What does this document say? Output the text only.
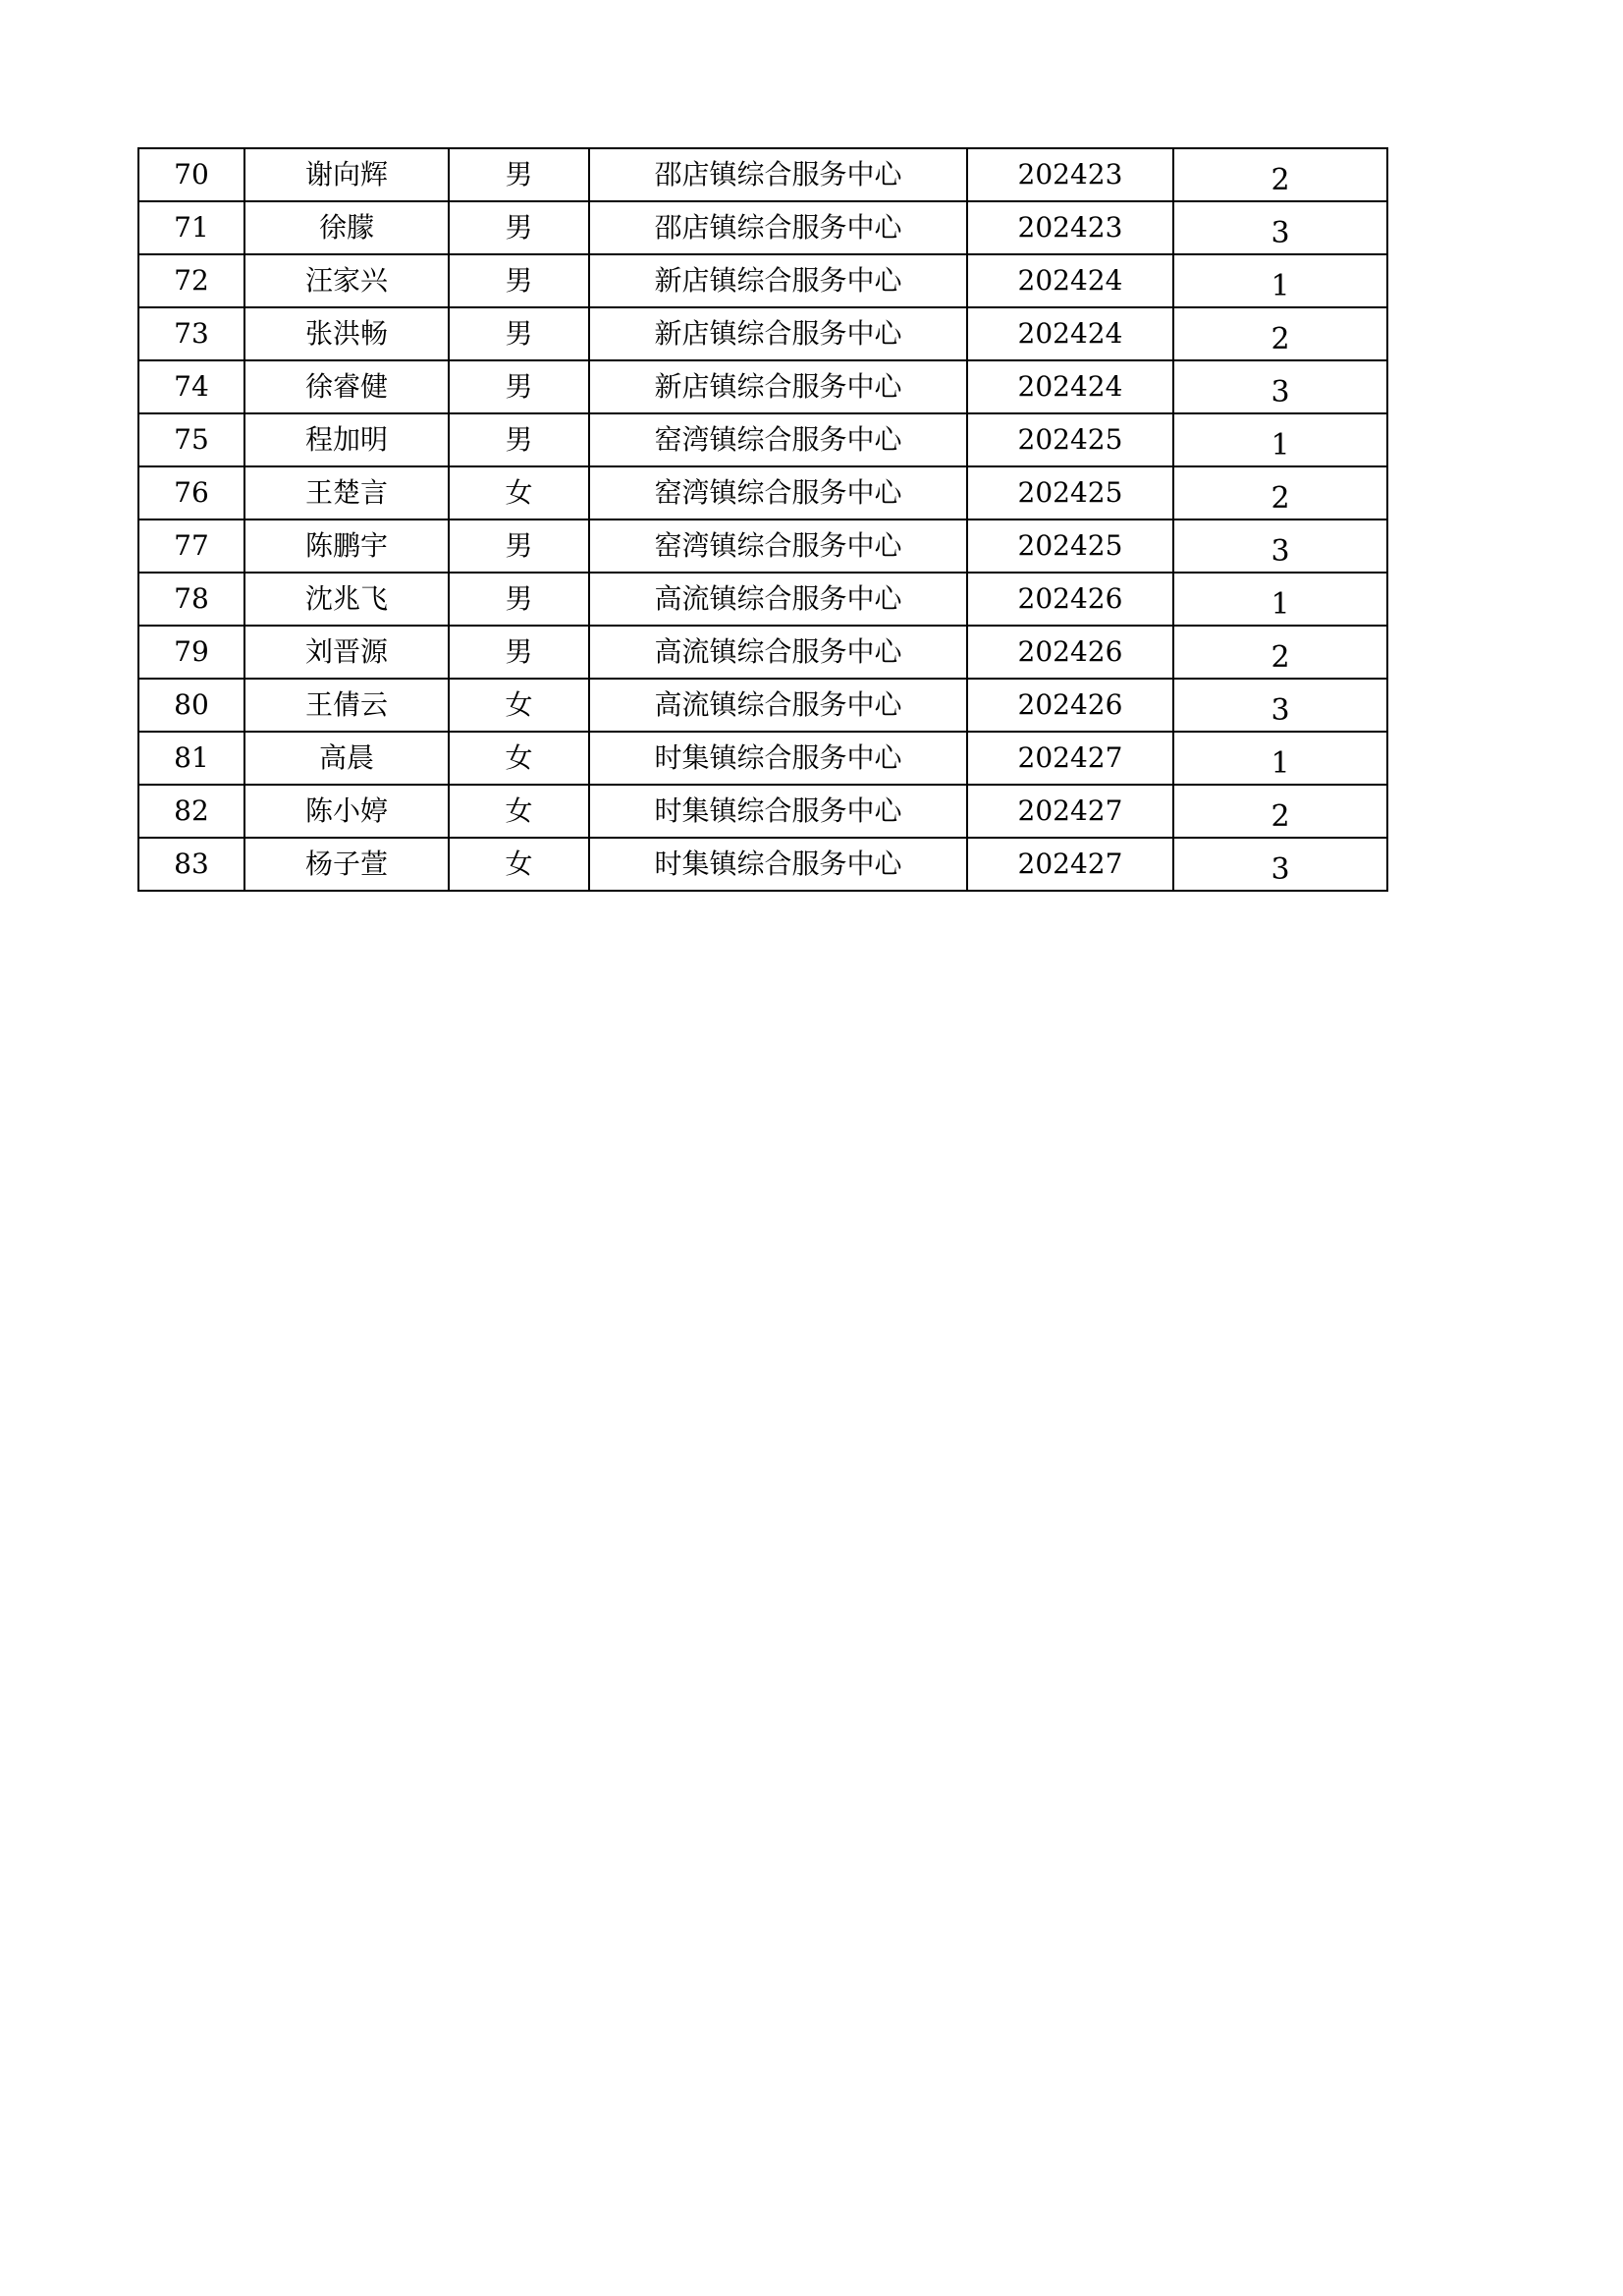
70	谢向辉	男	邵店镇综合服务中心	202423	2
71	徐朦	男	邵店镇综合服务中心	202423	3
72	汪家兴	男	新店镇综合服务中心	202424	1
73	张洪畅	男	新店镇综合服务中心	202424	2
74	徐睿健	男	新店镇综合服务中心	202424	3
75	程加明	男	窑湾镇综合服务中心	202425	1
76	王楚言	女	窑湾镇综合服务中心	202425	2
77	陈鹏宇	男	窑湾镇综合服务中心	202425	3
78	沈兆飞	男	高流镇综合服务中心	202426	1
79	刘晋源	男	高流镇综合服务中心	202426	2
80	王倩云	女	高流镇综合服务中心	202426	3
81	高晨	女	时集镇综合服务中心	202427	1
82	陈小婷	女	时集镇综合服务中心	202427	2
83	杨子萱	女	时集镇综合服务中心	202427	3
